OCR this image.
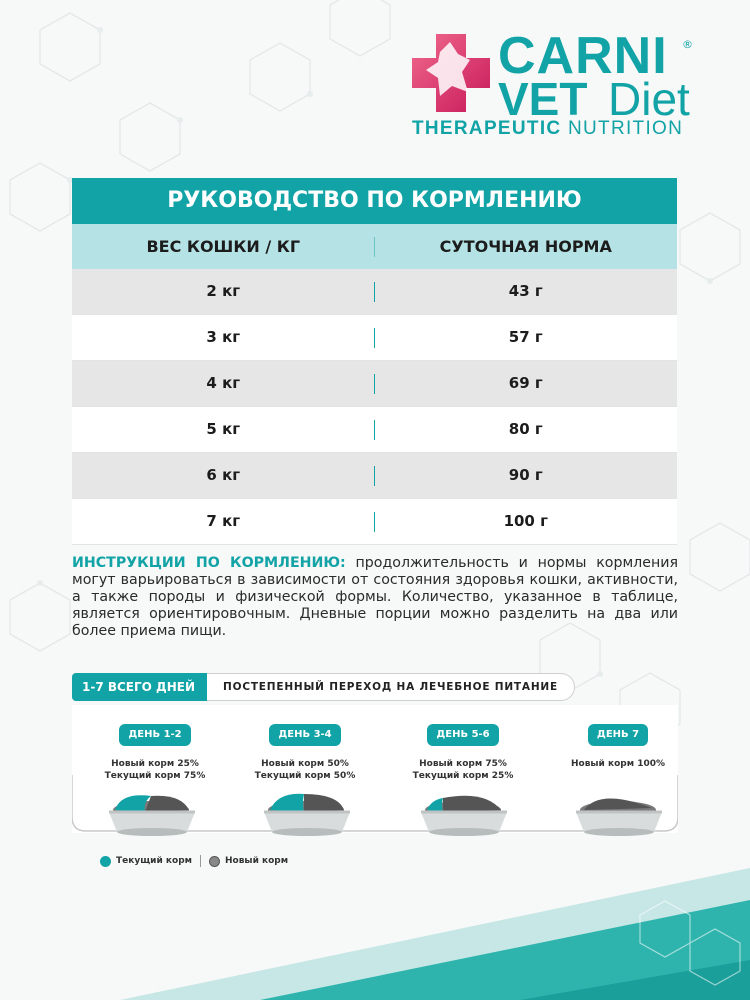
CARNI ®
VET Diet
THERAPEUTIC NUTRITION
РУКОВОДСТВО ПО КОРМЛЕНИЮ
ВЕС КОШКИ / КГ	СУТОЧНАЯ НОРМА
2 кг	43 г
3 кг	57 г
4 кг	69 г
5 кг	80 г
6 кг	90 г
7 кг	100 г
ИНСТРУКЦИИ ПО КОРМЛЕНИЮ: продолжительность и нормы кормления могут варьироваться в зависимости от состояния здоровья кошки, активности, а также породы и физической формы. Количество, указанное в таблице, является ориентировочным. Дневные порции можно разделить на два или более приема пищи.
1-7 ВСЕГО ДНЕЙ	ПОСТЕПЕННЫЙ ПЕРЕХОД НА ЛЕЧЕБНОЕ ПИТАНИЕ
ДЕНЬ 1-2
Новый корм 25%
Текущий корм 75%
ДЕНЬ 3-4
Новый корм 50%
Текущий корм 50%
ДЕНЬ 5-6
Новый корм 75%
Текущий корм 25%
ДЕНЬ 7
Новый корм 100%
Текущий корм	Новый корм
